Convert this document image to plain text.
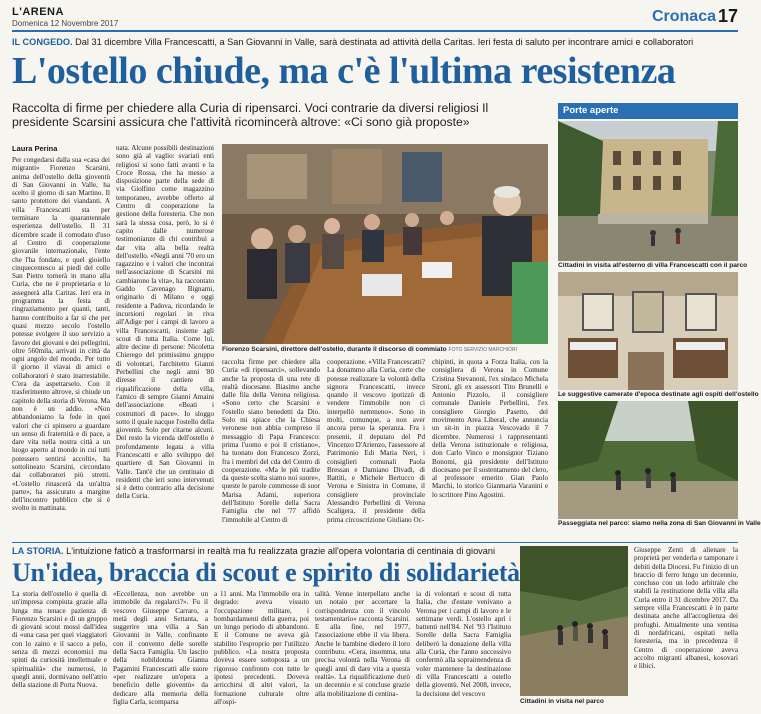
L'ARENA
Domenica 12 Novembre 2017	Cronaca 17
IL CONGEDO. Dal 31 dicembre Villa Francescatti, a San Giovanni in Valle, sarà destinata ad attività della Caritas. Ieri festa di saluto per incontrare amici e collaboratori
L'ostello chiude, ma c'è l'ultima resistenza
Raccolta di firme per chiedere alla Curia di ripensarci. Voci contrarie da diversi religiosi Il presidente Scarsini assicura che l'attività ricomincerà altrove: «Ci sono già proposte»
Laura Perina
Per congedarsi dalla sua «casa dei migranti» Fiorenzo Scarsini, anima dell'ostello della gioventù di San Giovanni in Valle, ha scelto il giorno di san Martino. Il santo protettore dei viandanti. A villa Francescatti sta per terminare la quarantennale esperienza dell'ostello. Il 31 dicembre scade il comodato d'uso al Centro di cooperazione giovanile internazionale, l'ente che l'ha fondato, e quel gioiello cinquecentesco ai piedi del colle San Pietro tornerà in mano alla Curia, che ne è proprietaria e lo assegnerà alla Caritas. Ieri era in programma la festa di ringraziamento per quanti, tanti, hanno contribuito a far sì che per quasi mezzo secolo l'ostello potesse svolgere il suo servizio a favore dei giovani e dei pellegrini, oltre 560mila, arrivati in città da ogni angolo del mondo. Per tutto il giorno il viavai di amici e collaboratori è stato inarrestabile. C'era da aspettarselo. Con il trasferimento altrove, si chiude un capitolo della storia di Verona. Ma non è un addio. «Non abbandoniamo la fede in quei valori che ci spinsero a guardare un senso di fraternità e di pace, a dare vita nella nostra città a un luogo aperto al mondo in cui tutti potessero sentirsi accolti», ha sottolineato Scarsini, circondato dai collaboratori più stretti. «L'ostello rinascerà da un'altra parte», ha assicurato a margine dell'incontro pubblico che si è svolto in mattinata.
nata. Alcune possibili destinazioni sono già al vaglio: svariati enti religiosi si sono fatti avanti e la Croce Rossa, che ha messo a disposizione parte della sede di via Giolfino come magazzino temporaneo, avrebbe offerto al Centro di cooperazione la gestione della foresteria. Che non sarà la stessa cosa, però, lo si è capito dalle numerose testimonianze di chi contribuì a dar vita alla bella realtà dell'ostello. «Negli anni '70 ero un ragazzino e i valori che incontrai nell'associazione di Scarsini mi cambiarono la vita», ha raccontato Gaddo Cavenago Bignami, originario di Milano e oggi residente a Padova, ricordando le incursioni regolari in riva all'Adige per i campi di lavoro a villa Francescatti, insieme agli scout di tutta Italia. Come lui, altre decine di persone: Nicoletta Chierego del primissimo gruppo di volontari, l'architetto Gianni Perbellini che negli anni '80 diresse il cantiere di riqualificazione della villa, l'amico di sempre Gianni Amaini dell'associazione «Beati i costruttori di pace». Io sloggo sotto il quale nacque l'ostello della gioventù. Solo per citarne alcuni. Del resto la vicenda dell'ostello è profondamente legata a villa Francescatti e allo sviluppo del quartiere di San Giovanni in Valle. Tant'è che un centinaio di residenti che ieri sono intervenuti si è detto contrario alla decisione della Curia.
Fiorenzo Scarsini, direttore dell'ostello, durante il discorso di commiato FOTO SERVIZIO MARCHIORI
raccolta firme per chiedere alla Curia «di ripensarci», sollevando anche la proposta di una rete di realtà diocesane. Biasimo anche dalle fila della Verona religiosa. «Sono certo che Scarsini e l'ostello siano benedetti da Dio. Solo mi spiace che la Chiesa veronese non abbia compreso il messaggio di Papa Francesco: prima l'uomo e poi il cristiano», ha tuonato don Francesco Zorzi, fra i membri del cda del Centro di cooperazione. «Ma le più tradite da queste scelta siamo noi suore», queste le parole commosse di suor Marisa Adami, superiora dell'Istituto Sorelle della Sacra Famiglia che nel '77 affidò l'immobile al Centro di
cooperazione. «Villa Francescatti? La donammo alla Curia, certe che potesse realizzare la volontà della signora Francescatti, invece quando il vescovo ipotizzò di vendere l'immobile non ci interpellò nemmeno». Sono in molti, comunque, a non aver ancora perso la speranza. Fra i presenti, il deputato del Pd Vincenzo D'Arienzo, l'assessore al Patrimonio Edi Maria Neri, i consiglieri comunali Paola Bressan e Damiano Divadi, di Battiti, e Michele Bertucco di Verona e Sinistra in Comune, il consigliere provinciale Alessandro Perbellini di Verona Scaligera, il presidente della prima circoscrizione Giuliano Oc-
chipinti, in quota a Forza Italia, con la consigliera di Verona in Comune Cristina Stevanoni, l'ex sindaco Michela Sironi, gli ex assessori Tito Brunelli e Antonio Pizzolo, il consigliere comunale Daniele Perbellini, l'ex consigliere Giorgio Pasetto, del movimento Area Liberal, che annuncia un sit-in in piazza Vescovado il 7 dicembre. Numerosi i rappresentanti della Verona istituzionale e religiosa, don Carlo Vinco e monsignor Tiziano Bonomi, già presidente dell'Istituto diocesano per il sostentamento del clero, al professore emerito Gian Paolo Marchi, lo storico Gianmaria Varanini e lo scrittore Pino Agostini.
Porte aperte
Cittadini in visita all'esterno di villa Francescatti con il parco
Le suggestive camerate d'epoca destinate agli ospiti dell'ostello
Passeggiata nel parco: siamo nella zona di San Giovanni in Valle
LA STORIA. L'intuizione faticò a trasformarsi in realtà ma fu realizzata grazie all'opera volontaria di centinaia di giovani
Un'idea, braccia di scout e spirito di solidarietà
La storia dell'ostello è quella di un'impresa compiuta grazie alla lunga ma tenace pazienza di Fiorenzo Scarsini e di un gruppo di giovani scout mossi dall'idea di «una casa per quei viaggiatori con lo zaino e il sacco a pelo, senza di mezzi economici ma spinti da curiosità intellettuale e spiritualità» che numerosi, in quegli anni, dormivano nell'atrio della stazione di Porta Nuova.
«Eccellenza, non avrebbe un immobile da regalarci?». Fu il vescovo Giuseppe Carraro, a metà degli anni Settanta, a suggerire una villa a San Giovanni in Valle, confinante con il convento delle sorelle della Sacra Famiglia. Un lascito della nobildonna Gianna Pagamini Francescatti alle suore «per realizzare un'opera a beneficio delle gioventù» da dedicare alla memoria della figlia Carla, scomparsa
a 11 anni. Ma l'immobile era in degrado: aveva vissuto l'occupazione militare, i bombardamenti della guerra, poi un lungo periodo di abbandono. E il Comune ne aveva già stabilito l'esproprio per l'utilizzo pubblico. «La nostra proposta doveva essere sottoposta a un rigoroso confronto con tutte le ipotesi precedenti. Doveva arricchirsi di altri valori, la formazione culturale oltre all'ospi-
talità. Venne interpellato anche un notaio per accertare la corrispondenza con il vincolo testamentario» racconta Scarsini. E alla fine, nel 1977, l'associazione ebbe il via libera. Anche le bambine diedero il loro contributo. «Cera, insomma, una precisa volontà nella Verona di quegli anni di dare vita a questa realtà». La riqualificazione durò un decennio e si concluse grazie alla mobilitazione di centina-
ia di volontari e scout di tutta Italia, che d'estate venivano a Verona per i campi di lavoro e le settimane verdi. L'ostello aprì i battenti nell'84. Nel '93 l'Istituto Sorelle della Sacra Famiglia deliberò la donazione della villa alla Curia, che l'anno successivo confermò alla sopraintendenza di voler mantenere la destinazione di villa Francescatti a ostello della gioventù. Nel 2008, invece, la decisione del vescovo
Cittadini in visita nel parco
Giuseppe Zenti di alienare la proprietà per venderla e tamponare i debiti della Diocesi. Fu l'inizio di un braccio di ferro lungo un decennio, concluso con un lodo arbitrale che stabilì la restituzione della villa alla Curia entro il 31 dicembre 2017. Da sempre villa Francescatti è in parte destinata anche all'accoglienza dei profughi. Attualmente una ventina di nordafricani, ospitati nella foresteria, ma in precedenza il Centro di cooperazione aveva accolto migranti albanesi, kosovari e libici.
